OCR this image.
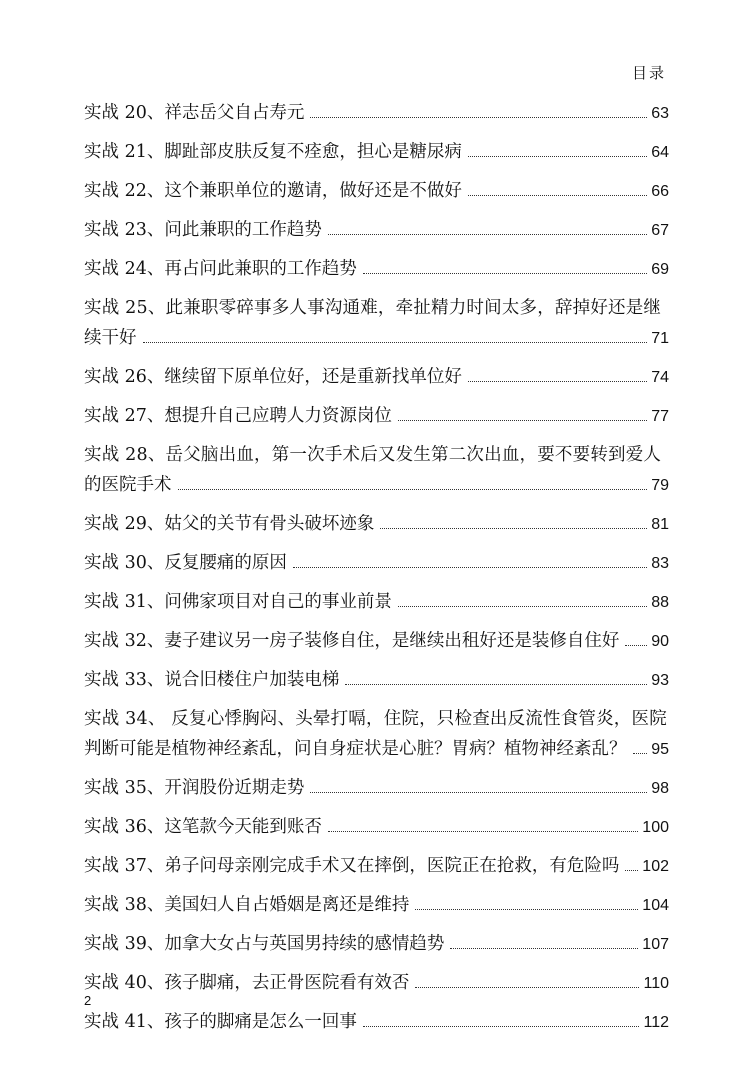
目录
实战 20、祥志岳父自占寿元	63
实战 21、脚趾部皮肤反复不痊愈，担心是糖尿病	64
实战 22、这个兼职单位的邀请，做好还是不做好	66
实战 23、问此兼职的工作趋势	67
实战 24、再占问此兼职的工作趋势	69
实战 25、此兼职零碎事多人事沟通难，牵扯精力时间太多，辞掉好还是继
续干好	71
实战 26、继续留下原单位好，还是重新找单位好	74
实战 27、想提升自己应聘人力资源岗位	77
实战 28、岳父脑出血，第一次手术后又发生第二次出血，要不要转到爱人
的医院手术	79
实战 29、姑父的关节有骨头破坏迹象	81
实战 30、反复腰痛的原因	83
实战 31、问佛家项目对自己的事业前景	88
实战 32、妻子建议另一房子装修自住，是继续出租好还是装修自住好 90
实战 33、说合旧楼住户加装电梯	93
实战 34、 反复心悸胸闷、头晕打嗝，住院，只检查出反流性食管炎，医院
判断可能是植物神经紊乱，问自身症状是心脏？胃病？植物神经紊乱？ 95
实战 35、开润股份近期走势	98
实战 36、这笔款今天能到账否	100
实战 37、弟子问母亲刚完成手术又在摔倒，医院正在抢救，有危险吗 102
实战 38、美国妇人自占婚姻是离还是维持	104
实战 39、加拿大女占与英国男持续的感情趋势	107
实战 40、孩子脚痛，去正骨医院看有效否	110
实战 41、孩子的脚痛是怎么一回事	112
2
